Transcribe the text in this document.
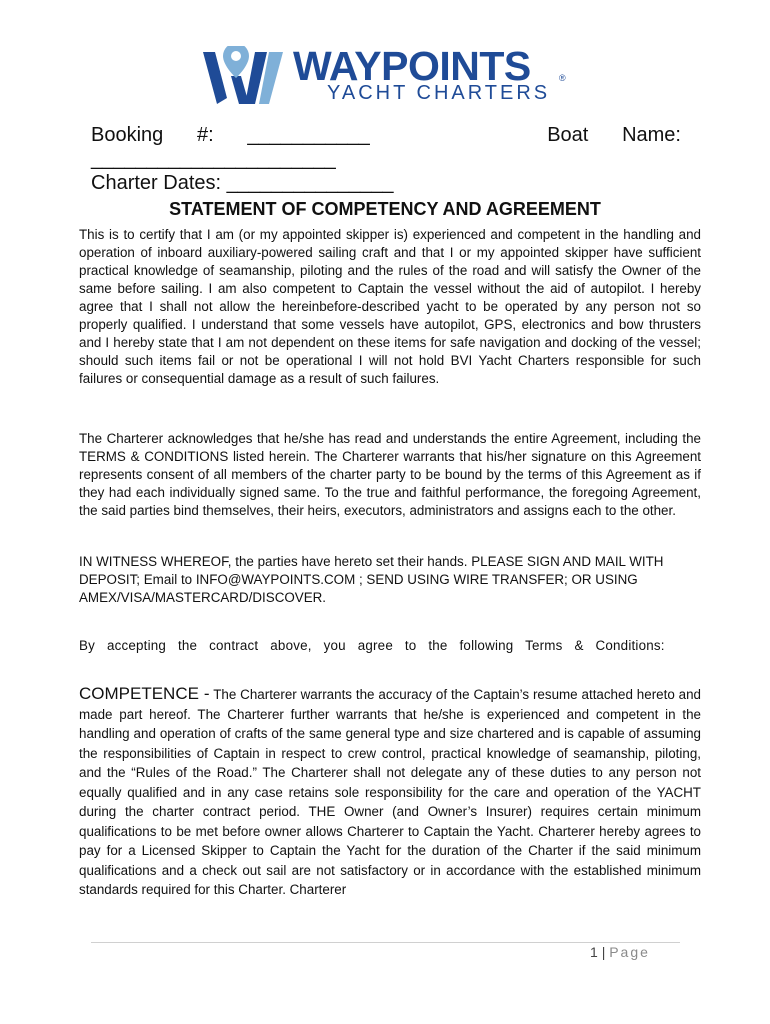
WAYPOINTS	®
YACHT CHARTERS
Booking #: ___________	Boat Name:
______________________
Charter Dates: _______________
STATEMENT OF COMPETENCY AND AGREEMENT

This is to certify that I am (or my appointed skipper is) experienced and competent in the handling and operation of inboard auxiliary-powered sailing craft and that I or my appointed skipper have sufficient practical knowledge of seamanship, piloting and the rules of the road and will satisfy the Owner of the same before sailing. I am also competent to Captain the vessel without the aid of autopilot. I hereby agree that I shall not allow the hereinbefore-described yacht to be operated by any person not so properly qualified. I understand that some vessels have autopilot, GPS, electronics and bow thrusters and I hereby state that I am not dependent on these items for safe navigation and docking of the vessel; should such items fail or not be operational I will not hold BVI Yacht Charters responsible for such failures or consequential damage as a result of such failures.

The Charterer acknowledges that he/she has read and understands the entire Agreement, including the TERMS & CONDITIONS listed herein. The Charterer warrants that his/her signature on this Agreement represents consent of all members of the charter party to be bound by the terms of this Agreement as if they had each individually signed same. To the true and faithful performance, the foregoing Agreement, the said parties bind themselves, their heirs, executors, administrators and assigns each to the other.

IN WITNESS WHEREOF, the parties have hereto set their hands. PLEASE SIGN AND MAIL WITH DEPOSIT; Email to INFO@WAYPOINTS.COM ; SEND USING WIRE TRANSFER; OR USING AMEX/VISA/MASTERCARD/DISCOVER.

By accepting the contract above, you agree to the following Terms & Conditions:

COMPETENCE - The Charterer warrants the accuracy of the Captain’s resume attached hereto and made part hereof. The Charterer further warrants that he/she is experienced and competent in the handling and operation of crafts of the same general type and size chartered and is capable of assuming the responsibilities of Captain in respect to crew control, practical knowledge of seamanship, piloting, and the “Rules of the Road.” The Charterer shall not delegate any of these duties to any person not equally qualified and in any case retains sole responsibility for the care and operation of the YACHT during the charter contract period. THE Owner (and Owner’s Insurer) requires certain minimum qualifications to be met before owner allows Charterer to Captain the Yacht. Charterer hereby agrees to pay for a Licensed Skipper to Captain the Yacht for the duration of the Charter if the said minimum qualifications and a check out sail are not satisfactory or in accordance with the established minimum standards required for this Charter. Charterer

1 | Page
